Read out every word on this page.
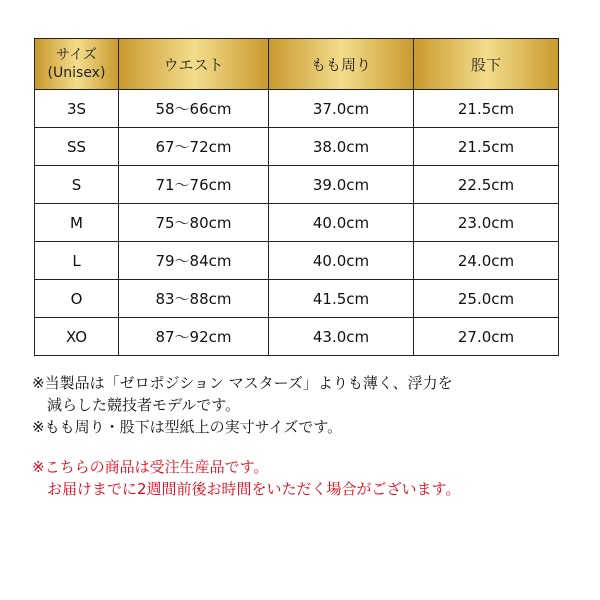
サイズ
(Unisex)	ウエスト	もも周り	股下
3S	58～66cm	37.0cm	21.5cm
SS	67～72cm	38.0cm	21.5cm
S	71～76cm	39.0cm	22.5cm
M	75～80cm	40.0cm	23.0cm
L	79～84cm	40.0cm	24.0cm
O	83～88cm	41.5cm	25.0cm
XO	87～92cm	43.0cm	27.0cm

※当製品は「ゼロポジション マスターズ」よりも薄く、浮力を

減らした競技者モデルです。

※もも周り・股下は型紙上の実寸サイズです。

※こちらの商品は受注生産品です。

お届けまでに2週間前後お時間をいただく場合がございます。
